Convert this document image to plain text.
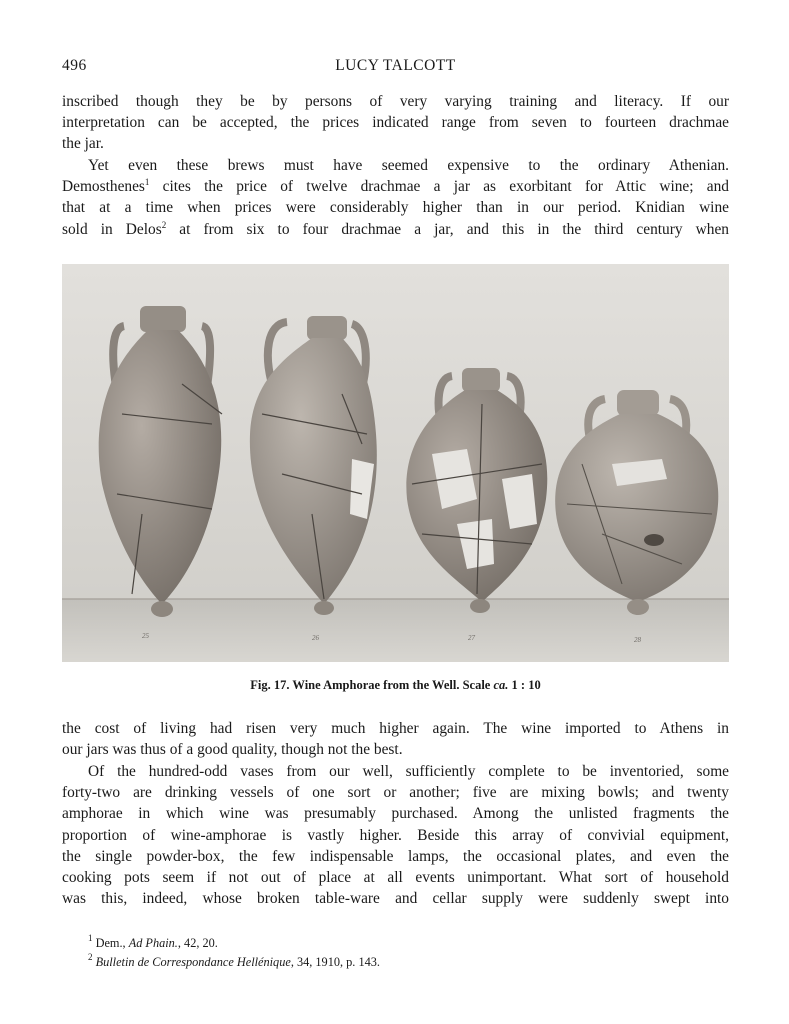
496	LUCY TALCOTT
inscribed though they be by persons of very varying training and literacy. If our
interpretation can be accepted, the prices indicated range from seven to fourteen drachmae
the jar.
Yet even these brews must have seemed expensive to the ordinary Athenian.
Demosthenes$^1$ cites the price of twelve drachmae a jar as exorbitant for Attic wine; and
that at a time when prices were considerably higher than in our period. Knidian wine
sold in Delos$^2$ at from six to four drachmae a jar, and this in the third century when
25	26	27	28
Fig. 17. Wine Amphorae from the Well. Scale ca. 1 : 10
the cost of living had risen very much higher again. The wine imported to Athens in
our jars was thus of a good quality, though not the best.
Of the hundred-odd vases from our well, sufficiently complete to be inventoried, some
forty-two are drinking vessels of one sort or another; five are mixing bowls; and twenty
amphorae in which wine was presumably purchased. Among the unlisted fragments the
proportion of wine-amphorae is vastly higher. Beside this array of convivial equipment,
the single powder-box, the few indispensable lamps, the occasional plates, and even the
cooking pots seem if not out of place at all events unimportant. What sort of household
was this, indeed, whose broken table-ware and cellar supply were suddenly swept into
$^1$ Dem., Ad Phain., 42, 20.
$^2$ Bulletin de Correspondance Hellénique, 34, 1910, p. 143.
